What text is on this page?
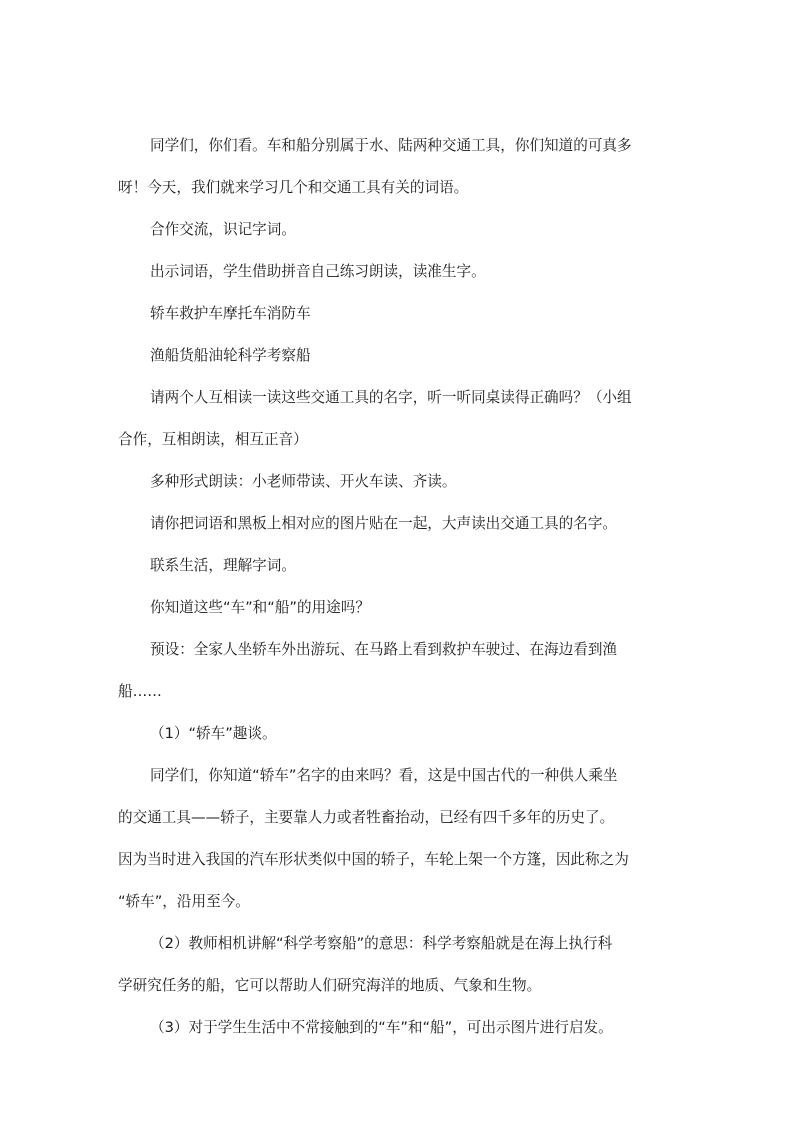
同学们，你们看。车和船分别属于水、陆两种交通工具，你们知道的可真多
呀！今天，我们就来学习几个和交通工具有关的词语。

合作交流，识记字词。

出示词语，学生借助拼音自己练习朗读，读准生字。

轿车救护车摩托车消防车

渔船货船油轮科学考察船

请两个人互相读一读这些交通工具的名字，听一听同桌读得正确吗？（小组
合作，互相朗读，相互正音）

多种形式朗读：小老师带读、开火车读、齐读。

请你把词语和黑板上相对应的图片贴在一起，大声读出交通工具的名字。

联系生活，理解字词。

你知道这些“车”和“船”的用途吗？

预设：全家人坐轿车外出游玩、在马路上看到救护车驶过、在海边看到渔
船……

（1）“轿车”趣谈。

同学们，你知道“轿车”名字的由来吗？看，这是中国古代的一种供人乘坐
的交通工具——轿子，主要靠人力或者牲畜抬动，已经有四千多年的历史了。
因为当时进入我国的汽车形状类似中国的轿子，车轮上架一个方篷，因此称之为
“轿车”，沿用至今。

（2）教师相机讲解“科学考察船”的意思：科学考察船就是在海上执行科
学研究任务的船，它可以帮助人们研究海洋的地质、气象和生物。

（3）对于学生生活中不常接触到的“车”和“船”，可出示图片进行启发。
